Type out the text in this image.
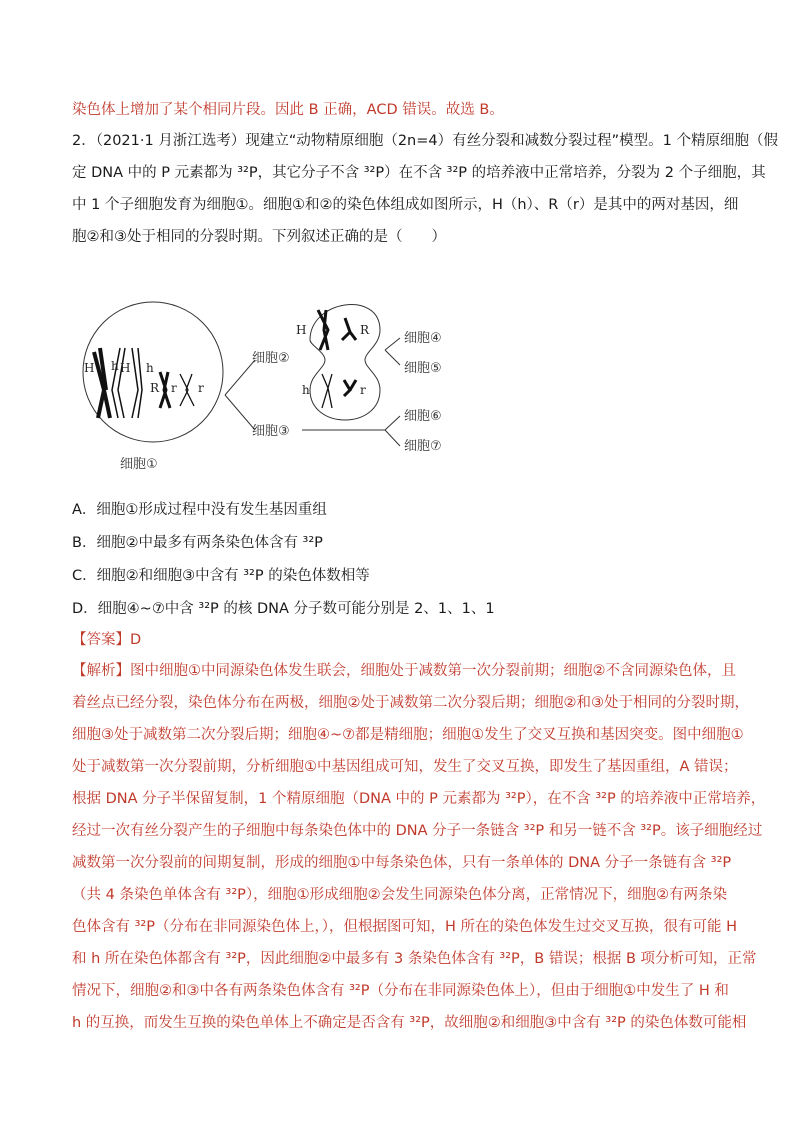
染色体上增加了某个相同片段。因此 B 正确，ACD 错误。故选 B。
2．（2021·1 月浙江选考）现建立“动物精原细胞（2n=4）有丝分裂和减数分裂过程”模型。1 个精原细胞（假
定 DNA 中的 P 元素都为 ³²P，其它分子不含 ³²P）在不含 ³²P 的培养液中正常培养，分裂为 2 个子细胞，其
中 1 个子细胞发育为细胞①。细胞①和②的染色体组成如图所示，H（h）、R（r）是其中的两对基因，细
胞②和③处于相同的分裂时期。下列叙述正确的是（　　）
H h H h
R r r
细胞①
细胞②
细胞③
H	R
h	r
细胞④
细胞⑤
细胞⑥
细胞⑦
A．细胞①形成过程中没有发生基因重组
B．细胞②中最多有两条染色体含有 ³²P
C．细胞②和细胞③中含有 ³²P 的染色体数相等
D．细胞④~⑦中含 ³²P 的核 DNA 分子数可能分别是 2、1、1、1
【答案】D
【解析】图中细胞①中同源染色体发生联会，细胞处于减数第一次分裂前期；细胞②不含同源染色体，且
着丝点已经分裂，染色体分布在两极，细胞②处于减数第二次分裂后期；细胞②和③处于相同的分裂时期，
细胞③处于减数第二次分裂后期；细胞④~⑦都是精细胞；细胞①发生了交叉互换和基因突变。图中细胞①
处于减数第一次分裂前期，分析细胞①中基因组成可知，发生了交叉互换，即发生了基因重组，A 错误；
根据 DNA 分子半保留复制，1 个精原细胞（DNA 中的 P 元素都为 ³²P），在不含 ³²P 的培养液中正常培养，
经过一次有丝分裂产生的子细胞中每条染色体中的 DNA 分子一条链含 ³²P 和另一链不含 ³²P。该子细胞经过
减数第一次分裂前的间期复制，形成的细胞①中每条染色体，只有一条单体的 DNA 分子一条链有含 ³²P
（共 4 条染色单体含有 ³²P），细胞①形成细胞②会发生同源染色体分离，正常情况下，细胞②有两条染
色体含有 ³²P（分布在非同源染色体上，），但根据图可知，H 所在的染色体发生过交叉互换，很有可能 H
和 h 所在染色体都含有 ³²P，因此细胞②中最多有 3 条染色体含有 ³²P，B 错误；根据 B 项分析可知，正常
情况下，细胞②和③中各有两条染色体含有 ³²P（分布在非同源染色体上），但由于细胞①中发生了 H 和
h 的互换，而发生互换的染色单体上不确定是否含有 ³²P，故细胞②和细胞③中含有 ³²P 的染色体数可能相
